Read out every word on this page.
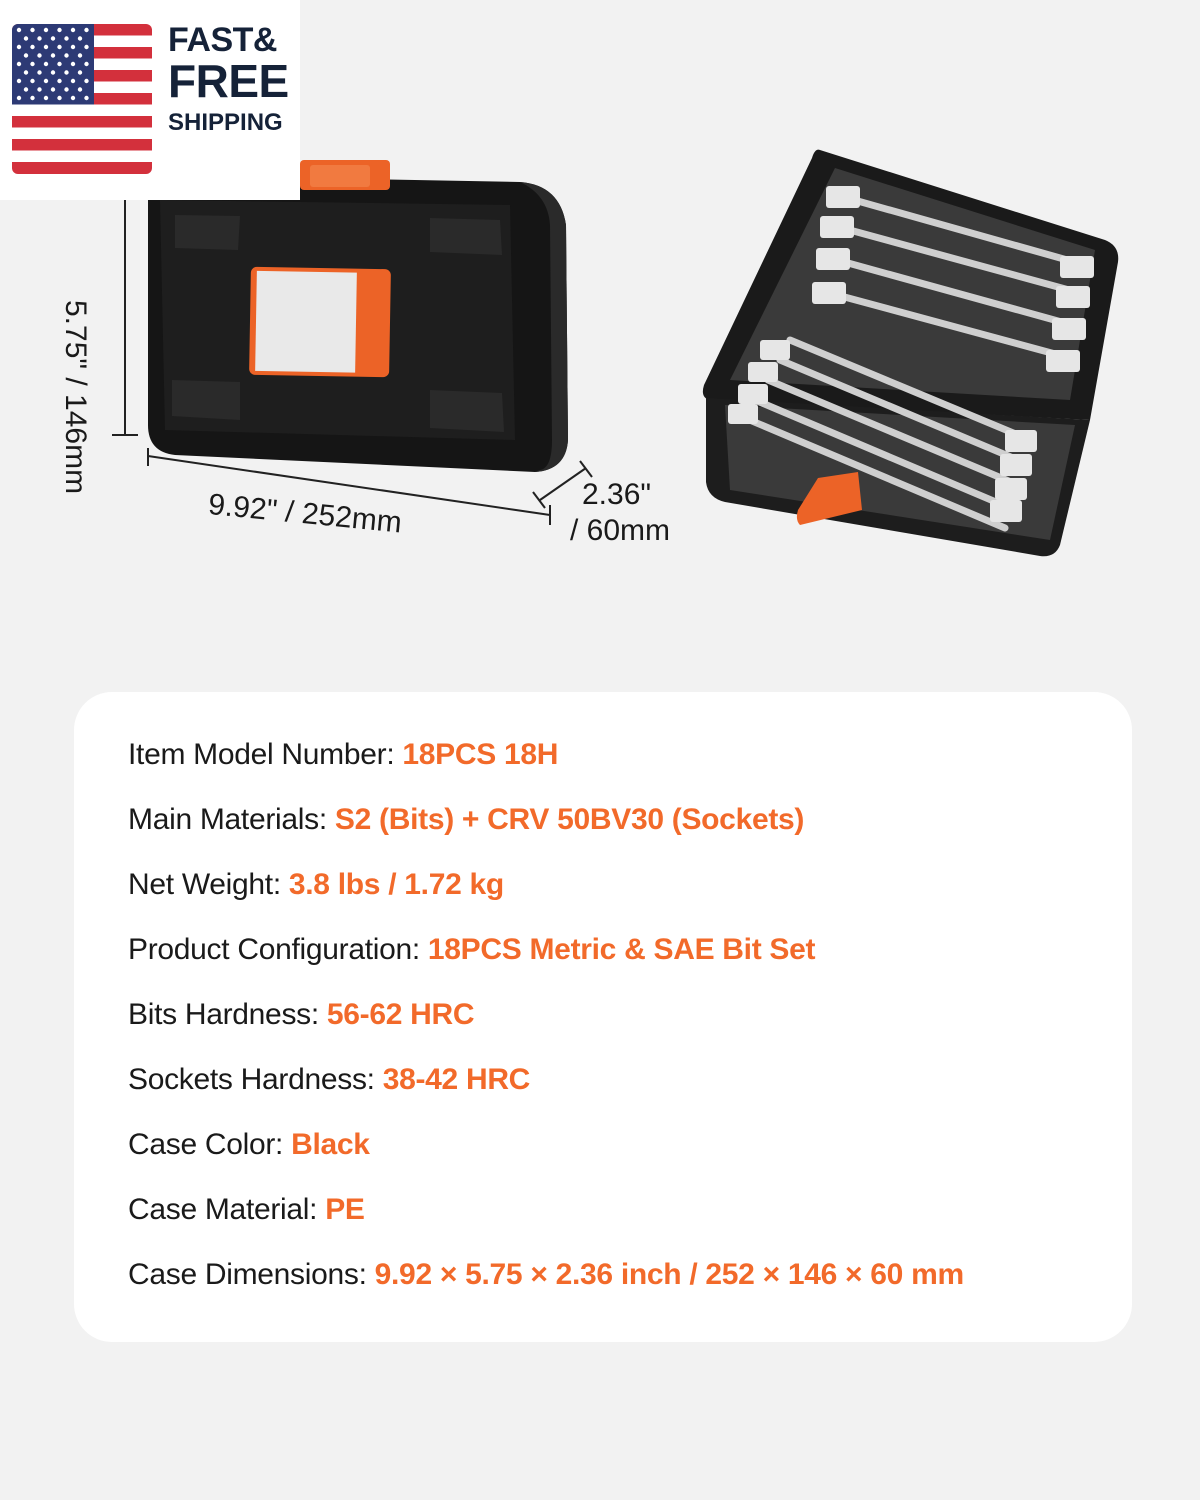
FAST&
FREE
SHIPPING
5.75" / 146mm
9.92" / 252mm	2.36"
/ 60mm
Item Model Number: 18PCS 18H
Main Materials: S2 (Bits) + CRV 50BV30 (Sockets)
Net Weight: 3.8 lbs / 1.72 kg
Product Configuration: 18PCS Metric & SAE Bit Set
Bits Hardness: 56-62 HRC
Sockets Hardness: 38-42 HRC
Case Color: Black
Case Material: PE
Case Dimensions: 9.92 × 5.75 × 2.36 inch / 252 × 146 × 60 mm
